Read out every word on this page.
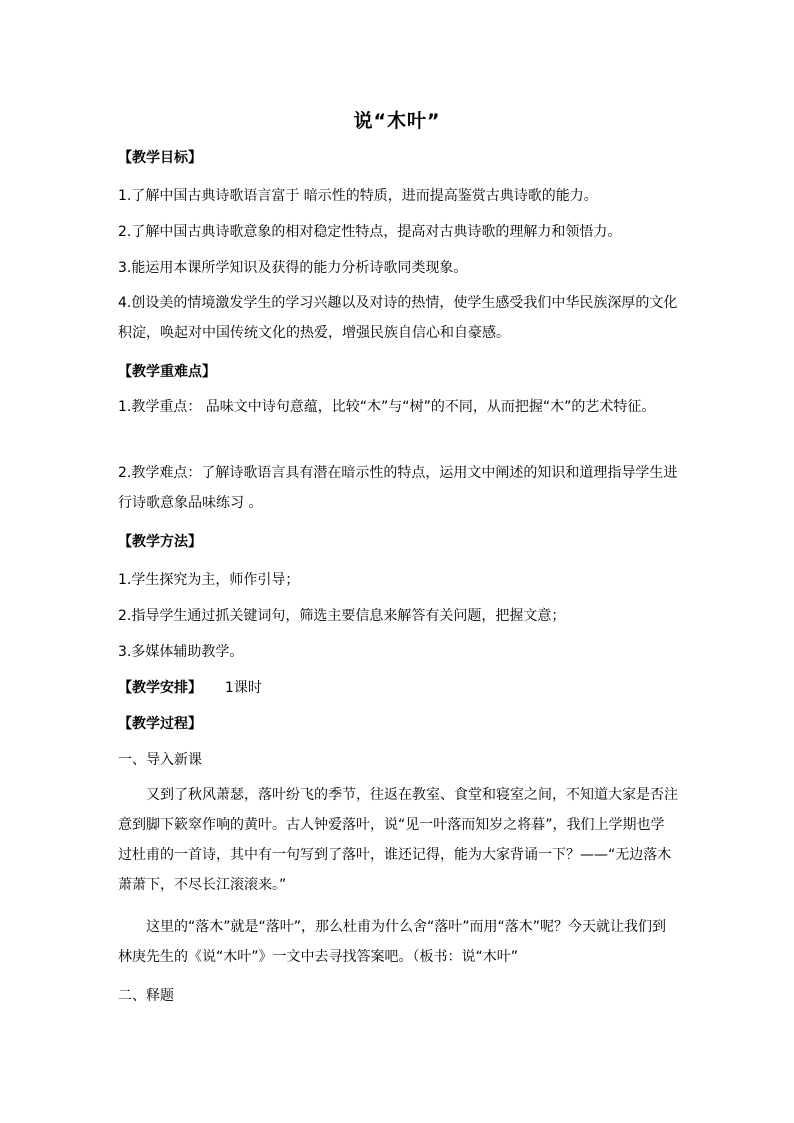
说“木叶”
【教学目标】
1.了解中国古典诗歌语言富于 暗示性的特质，进而提高鉴赏古典诗歌的能力。
2.了解中国古典诗歌意象的相对稳定性特点，提高对古典诗歌的理解力和领悟力。
3.能运用本课所学知识及获得的能力分析诗歌同类现象。
4.创设美的情境激发学生的学习兴趣以及对诗的热情，使学生感受我们中华民族深厚的文化积淀，唤起对中国传统文化的热爱，增强民族自信心和自豪感。
【教学重难点】
1.教学重点： 品味文中诗句意蕴，比较“木”与“树”的不同，从而把握“木”的艺术特征。
2.教学难点：了解诗歌语言具有潜在暗示性的特点，运用文中阐述的知识和道理指导学生进行诗歌意象品味练习 。
【教学方法】
1.学生探究为主，师作引导；
2.指导学生通过抓关键词句，筛选主要信息来解答有关问题，把握文意；
3.多媒体辅助教学。
【教学安排】 1课时
【教学过程】
一、导入新课
又到了秋风萧瑟，落叶纷飞的季节，往返在教室、食堂和寝室之间，不知道大家是否注意到脚下簌窣作响的黄叶。古人钟爱落叶，说“见一叶落而知岁之将暮”，我们上学期也学过杜甫的一首诗，其中有一句写到了落叶，谁还记得，能为大家背诵一下？——“无边落木萧萧下，不尽长江滚滚来。”
这里的“落木”就是“落叶”，那么杜甫为什么舍“落叶”而用“落木”呢？今天就让我们到林庚先生的《说“木叶”》一文中去寻找答案吧。（板书：说“木叶”
二、释题
